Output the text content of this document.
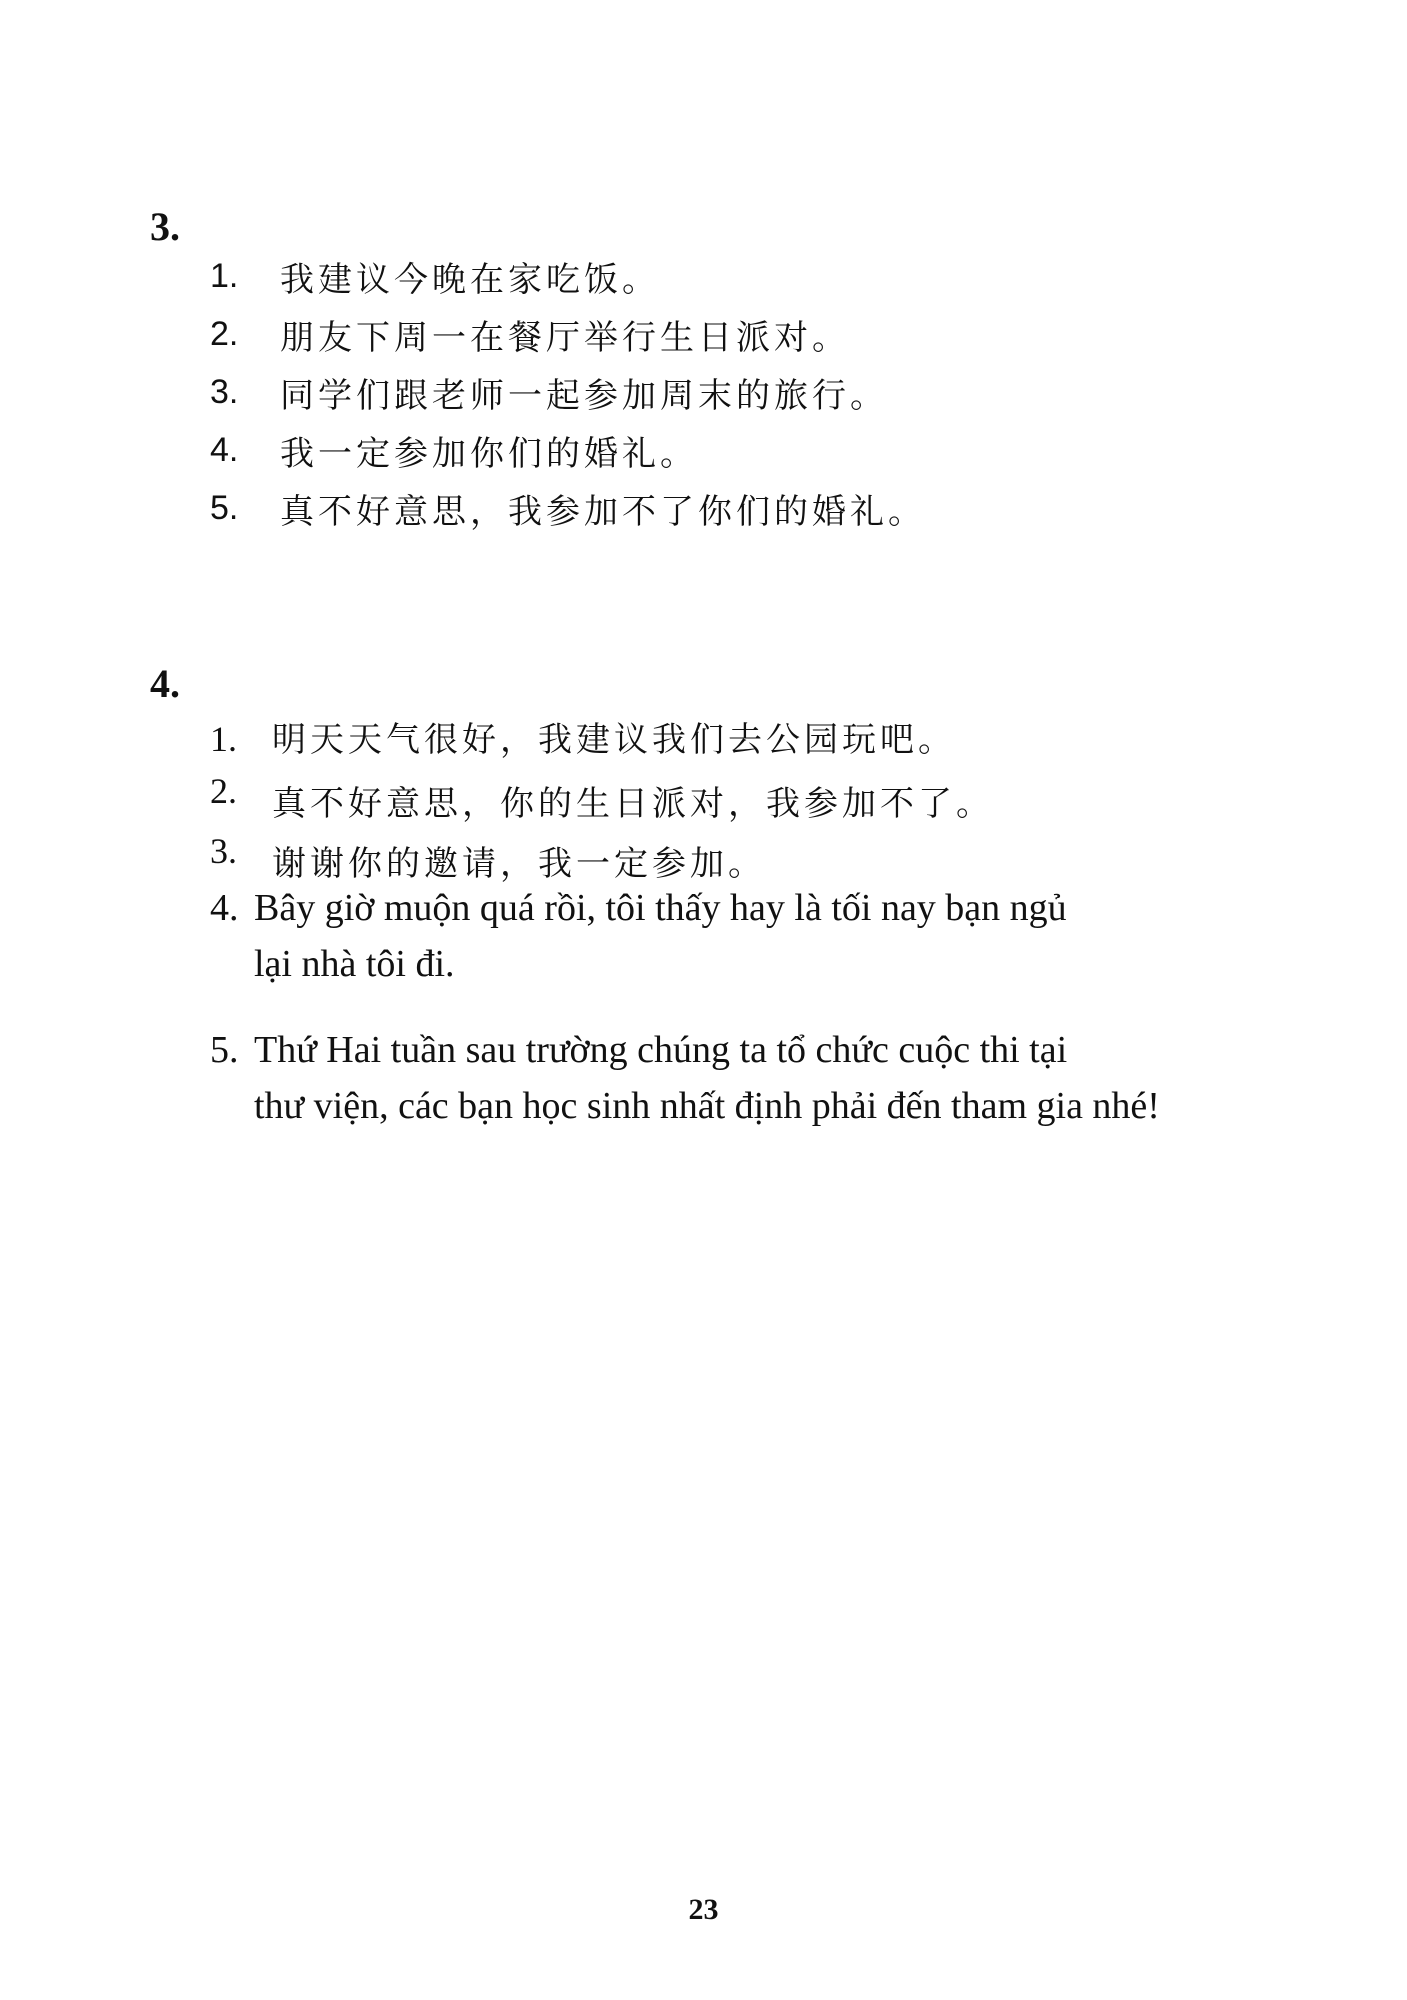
3.
1. 我建议今晚在家吃饭。
2. 朋友下周一在餐厅举行生日派对。
3. 同学们跟老师一起参加周末的旅行。
4. 我一定参加你们的婚礼。
5. 真不好意思，我参加不了你们的婚礼。
4.
1. 明天天气很好，我建议我们去公园玩吧。
2. 真不好意思，你的生日派对，我参加不了。
3. 谢谢你的邀请，我一定参加。
4. Bây giờ muộn quá rồi, tôi thấy hay là tối nay bạn ngủ
lại nhà tôi đi.
5. Thứ Hai tuần sau trường chúng ta tổ chức cuộc thi tại
thư viện, các bạn học sinh nhất định phải đến tham gia nhé!
23
